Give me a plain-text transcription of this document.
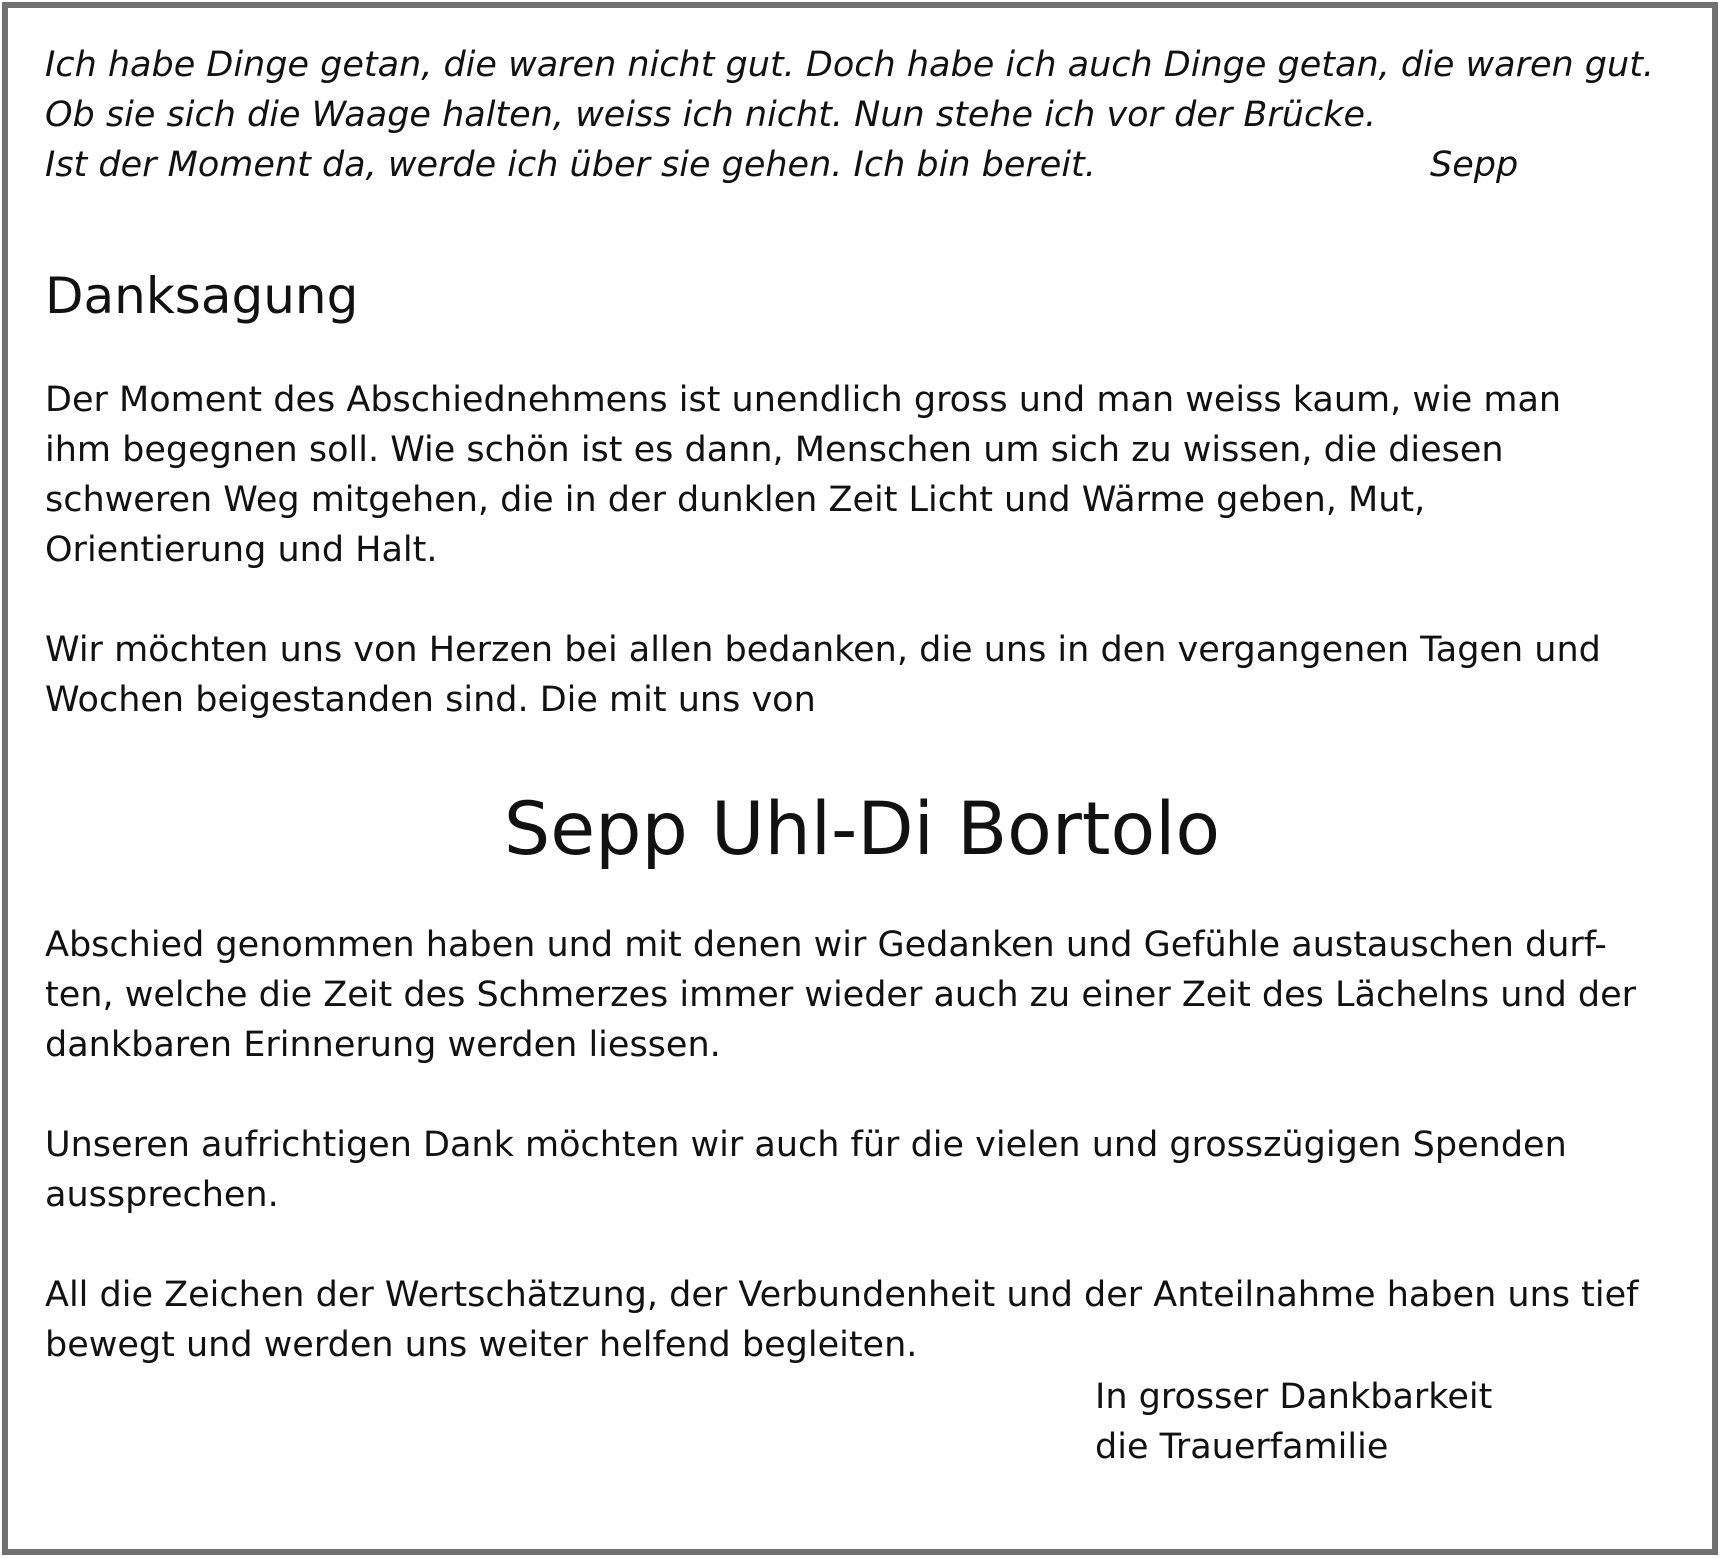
Ich habe Dinge getan, die waren nicht gut. Doch habe ich auch Dinge getan, die waren gut.
Ob sie sich die Waage halten, weiss ich nicht. Nun stehe ich vor der Brücke.
Ist der Moment da, werde ich über sie gehen. Ich bin bereit.	Sepp
Danksagung
Der Moment des Abschiednehmens ist unendlich gross und man weiss kaum, wie man
ihm begegnen soll. Wie schön ist es dann, Menschen um sich zu wissen, die diesen
schweren Weg mitgehen, die in der dunklen Zeit Licht und Wärme geben, Mut,
Orientierung und Halt.
Wir möchten uns von Herzen bei allen bedanken, die uns in den vergangenen Tagen und
Wochen beigestanden sind. Die mit uns von
Sepp Uhl-Di Bortolo
Abschied genommen haben und mit denen wir Gedanken und Gefühle austauschen durf-
ten, welche die Zeit des Schmerzes immer wieder auch zu einer Zeit des Lächelns und der
dankbaren Erinnerung werden liessen.
Unseren aufrichtigen Dank möchten wir auch für die vielen und grosszügigen Spenden
aussprechen.
All die Zeichen der Wertschätzung, der Verbundenheit und der Anteilnahme haben uns tief
bewegt und werden uns weiter helfend begleiten.
In grosser Dankbarkeit
die Trauerfamilie
